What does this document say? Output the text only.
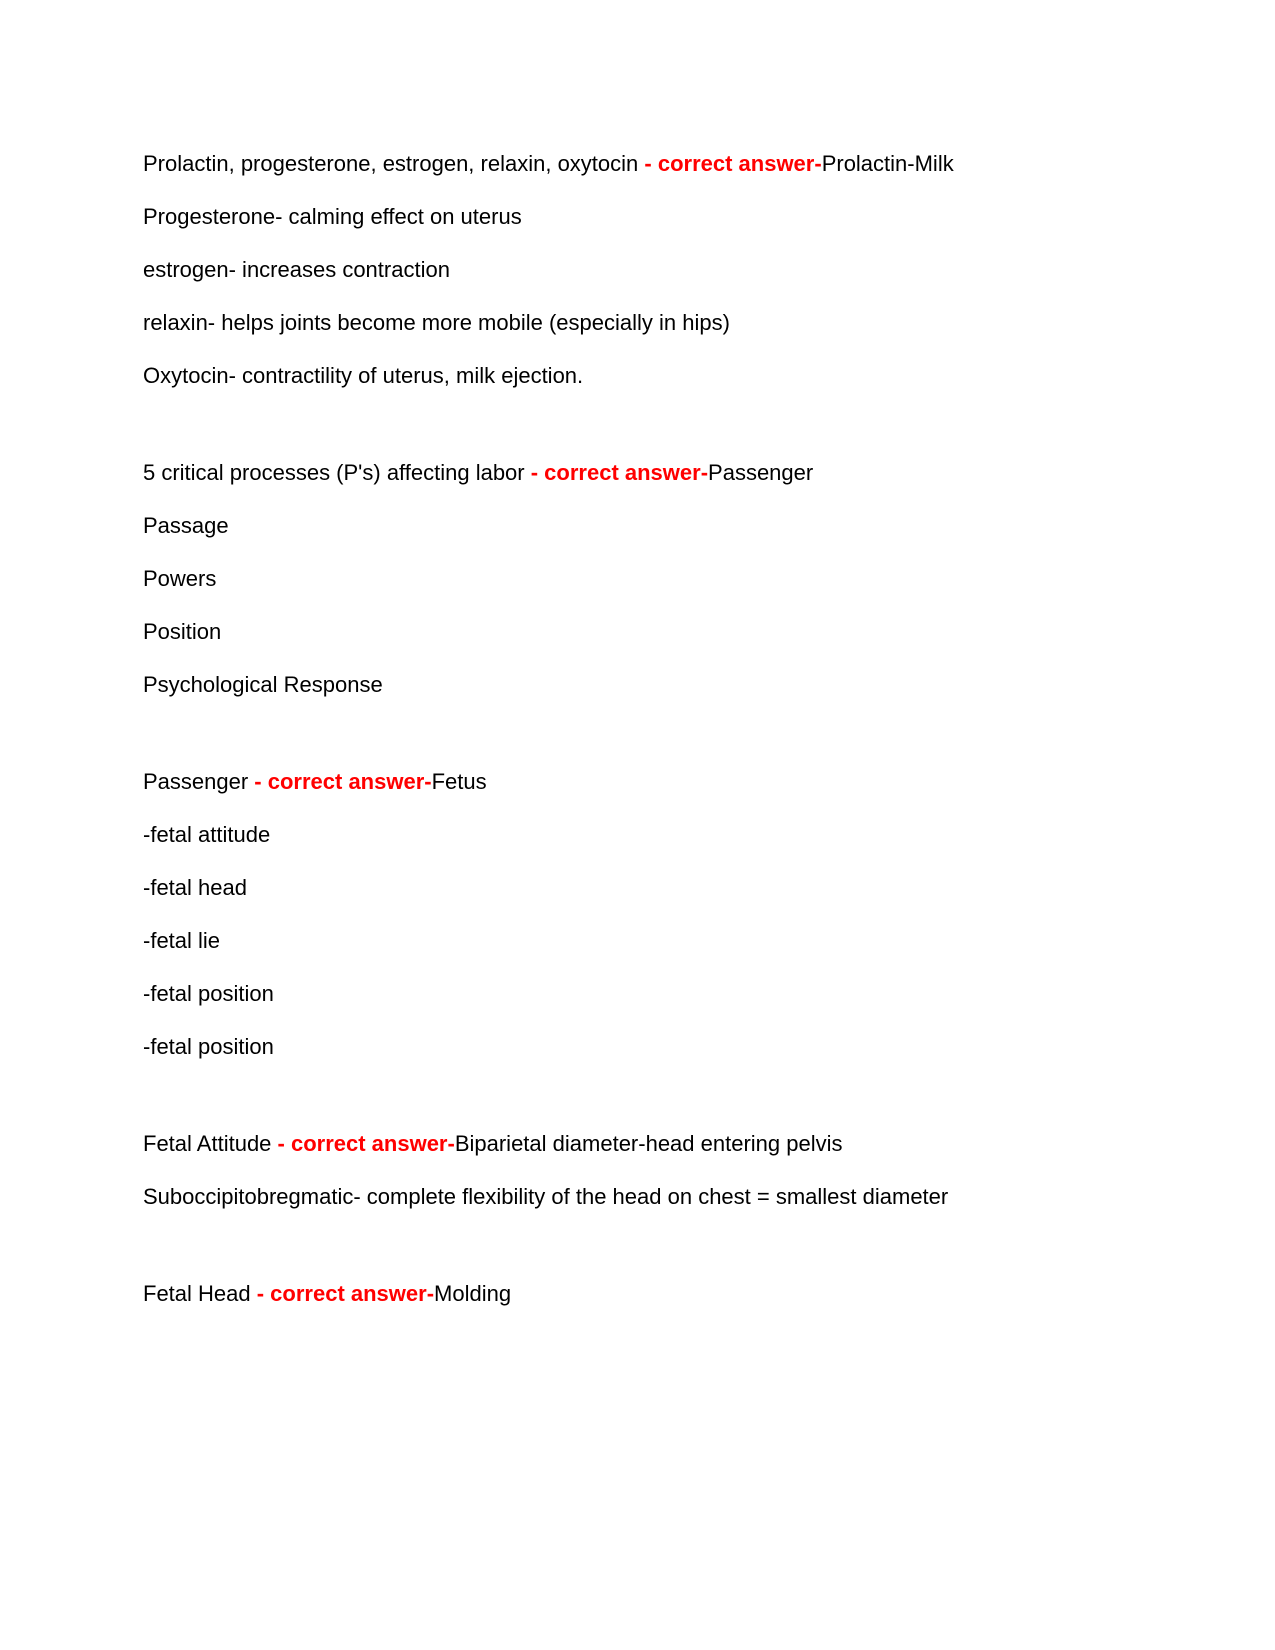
Prolactin, progesterone, estrogen, relaxin, oxytocin - correct answer-Prolactin-Milk

Progesterone- calming effect on uterus

estrogen- increases contraction

relaxin- helps joints become more mobile (especially in hips)

Oxytocin- contractility of uterus, milk ejection.

5 critical processes (P's) affecting labor - correct answer-Passenger

Passage

Powers

Position

Psychological Response

Passenger - correct answer-Fetus

-fetal attitude

-fetal head

-fetal lie

-fetal position

-fetal position

Fetal Attitude - correct answer-Biparietal diameter-head entering pelvis

Suboccipitobregmatic- complete flexibility of the head on chest = smallest diameter

Fetal Head - correct answer-Molding
